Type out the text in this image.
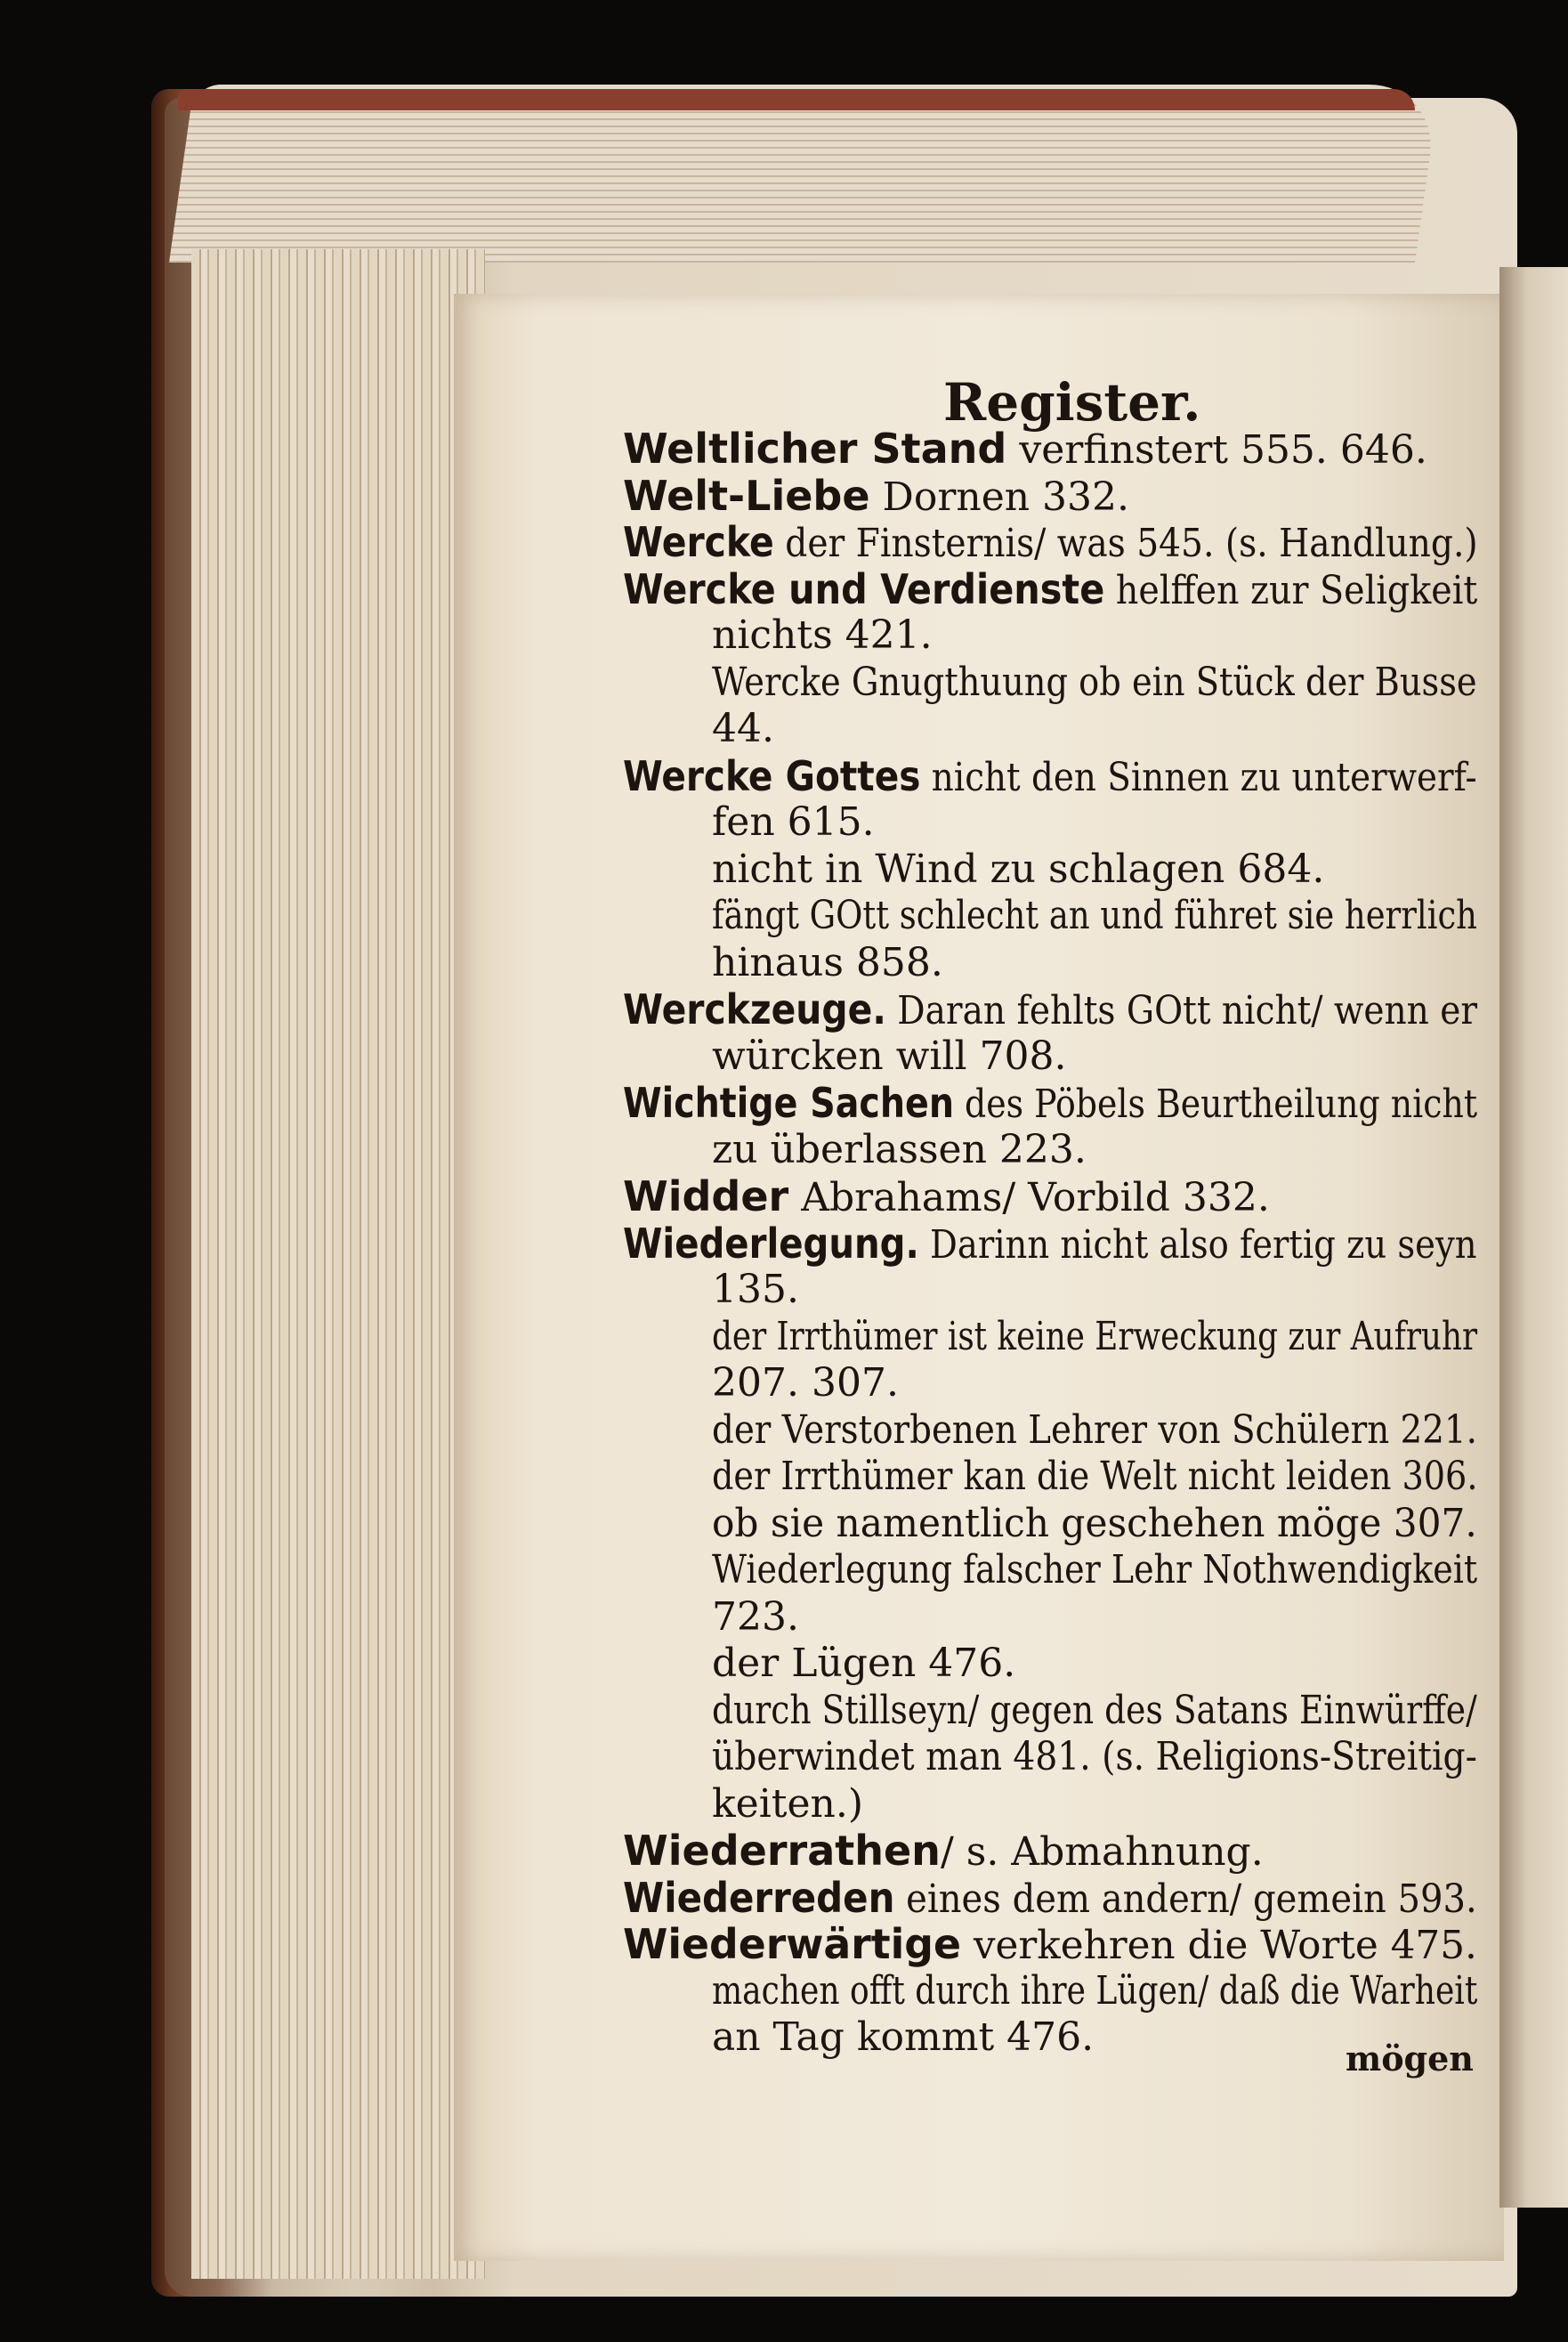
Register.
Weltlicher Stand verfinstert 555. 646.
Welt-Liebe Dornen 332.
Wercke der Finsternis/ was 545. (s. Handlung.)
Wercke und Verdienste helffen zur Seligkeit
nichts 421.
Wercke Gnugthuung ob ein Stück der Busse
44.
Wercke Gottes nicht den Sinnen zu unterwerf-
fen 615.
nicht in Wind zu schlagen 684.
fängt GOtt schlecht an und führet sie herrlich
hinaus 858.
Werckzeuge. Daran fehlts GOtt nicht/ wenn er
würcken will 708.
Wichtige Sachen des Pöbels Beurtheilung nicht
zu überlassen 223.
Widder Abrahams/ Vorbild 332.
Wiederlegung. Darinn nicht also fertig zu seyn
135.
der Irrthümer ist keine Erweckung zur Aufruhr
207. 307.
der Verstorbenen Lehrer von Schülern 221.
der Irrthümer kan die Welt nicht leiden 306.
ob sie namentlich geschehen möge 307.
Wiederlegung falscher Lehr Nothwendigkeit
723.
der Lügen 476.
durch Stillseyn/ gegen des Satans Einwürffe/
überwindet man 481. (s. Religions-Streitig-
keiten.)
Wiederrathen/ s. Abmahnung.
Wiederreden eines dem andern/ gemein 593.
Wiederwärtige verkehren die Worte 475.
machen offt durch ihre Lügen/ daß die Warheit
an Tag kommt 476.	mögen
